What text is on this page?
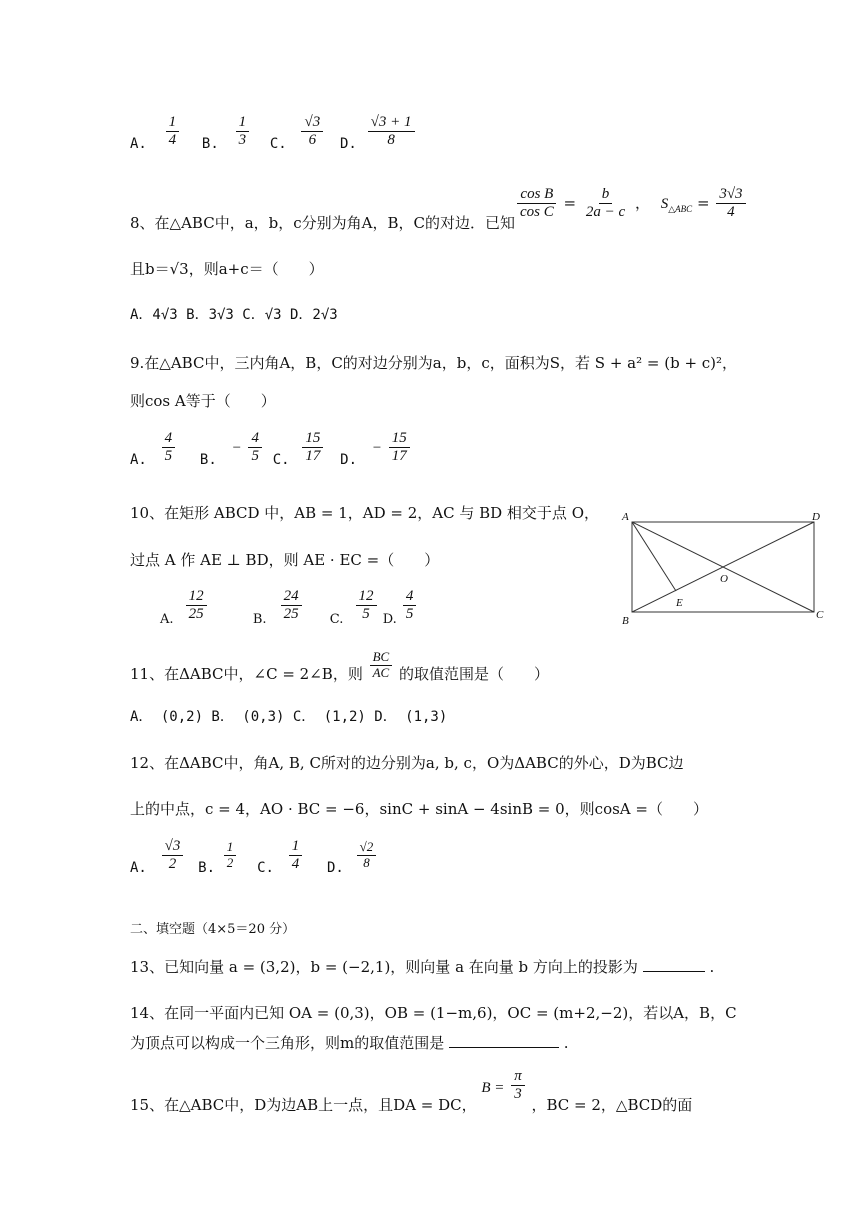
A. $\frac{1}{4} B$. $\frac{1}{3} C$. $\frac{√3}{6} D$. $\frac{√3 + 1}{8}$
8、在△ABC中，a，b，c分别为角A，B，C的对边．已知
$\frac{\text{cos B}}{\text{cos C}} = \frac{b}{2a - c}$ ， $S_{\triangle ABC} = \frac{3√3}{4}$
且b＝√3，则a+c＝（　　）
A．4√3 B．3√3 C．√3 D．2√3
9.在△ABC中，三内角A，B，C的对边分别为a，b，c，面积为S，若 S + a² = (b + c)²，
则cos A等于（　　）
A. $\frac{4}{5} B$. − $\frac{4}{5} C$. $\frac{15}{17} D$. − $\frac{15}{17}$
10、在矩形 ABCD 中，AB = 1，AD = 2，AC 与 BD 相交于点 O，
过点 A 作 AE ⊥ BD，则 AE · EC =（　　）
A. $\frac{12}{25}$	B. $\frac{24}{25} C$. $\frac{12}{5} D$. $\frac{4}{5}$
A
B	C
D
E
O
11、在ΔABC中，∠C = 2∠B，则 $\frac{BC}{AC}$ 的取值范围是（　　）
A． (0,2) B． (0,3) C． (1,2) D． (1,3)
12、在ΔABC中，角A, B, C所对的边分别为a, b, c，O为ΔABC的外心，D为BC边
上的中点，c = 4，AO · BC = −6，sinC + sinA − 4sinB = 0，则cosA =（　　）
A. $\frac{√3}{2} B$. $\frac{1}{2} C$. $\frac{1}{4} D$. $\frac{√2}{8}$
二、填空题（4×5＝20 分）
13、已知向量 a = (3,2)，b = (−2,1)，则向量 a 在向量 b 方向上的投影为	.
14、在同一平面内已知 OA = (0,3)，OB = (1−m,6)，OC = (m+2,−2)，若以A，B，C
为顶点可以构成一个三角形，则m的取值范围是	.
15、在△ABC中，D为边AB上一点，且DA = DC， $B = \frac{\pi}{3}$
，BC = 2，△BCD的面
